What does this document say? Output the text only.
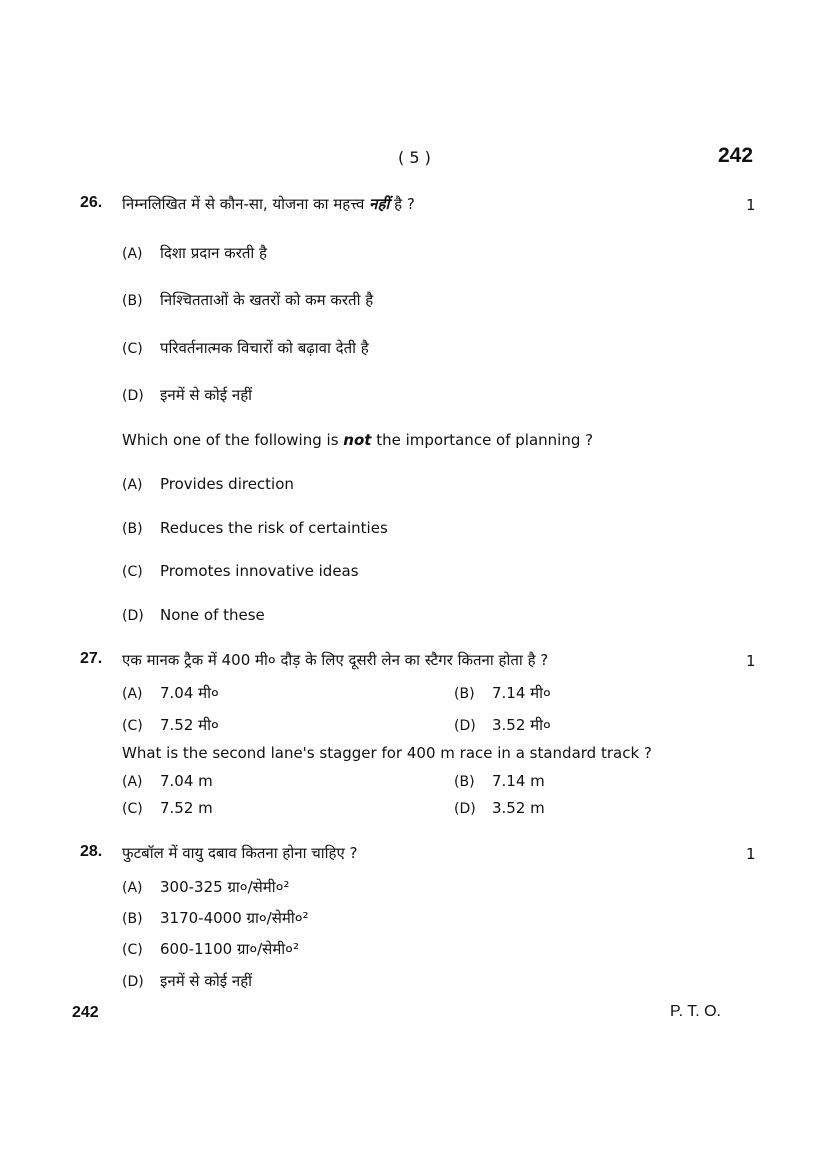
( 5 )	242
26. निम्नलिखित में से कौन-सा, योजना का महत्त्व नहीं है ?	1
(A) दिशा प्रदान करती है
(B) निश्चितताओं के खतरों को कम करती है
(C) परिवर्तनात्मक विचारों को बढ़ावा देती है
(D) इनमें से कोई नहीं
Which one of the following is not the importance of planning ?
(A) Provides direction
(B) Reduces the risk of certainties
(C) Promotes innovative ideas
(D) None of these
27. एक मानक ट्रैक में 400 मी० दौड़ के लिए दूसरी लेन का स्टैगर कितना होता है ?	1
(A) 7.04 मी०	(B) 7.14 मी०
(C) 7.52 मी०	(D) 3.52 मी०
What is the second lane's stagger for 400 m race in a standard track ?
(A) 7.04 m	(B) 7.14 m
(C) 7.52 m	(D) 3.52 m
28. फुटबॉल में वायु दबाव कितना होना चाहिए ?	1
(A) 300-325 ग्रा०/सेमी०²
(B) 3170-4000 ग्रा०/सेमी०²
(C) 600-1100 ग्रा०/सेमी०²
(D) इनमें से कोई नहीं
242	P. T. O.
